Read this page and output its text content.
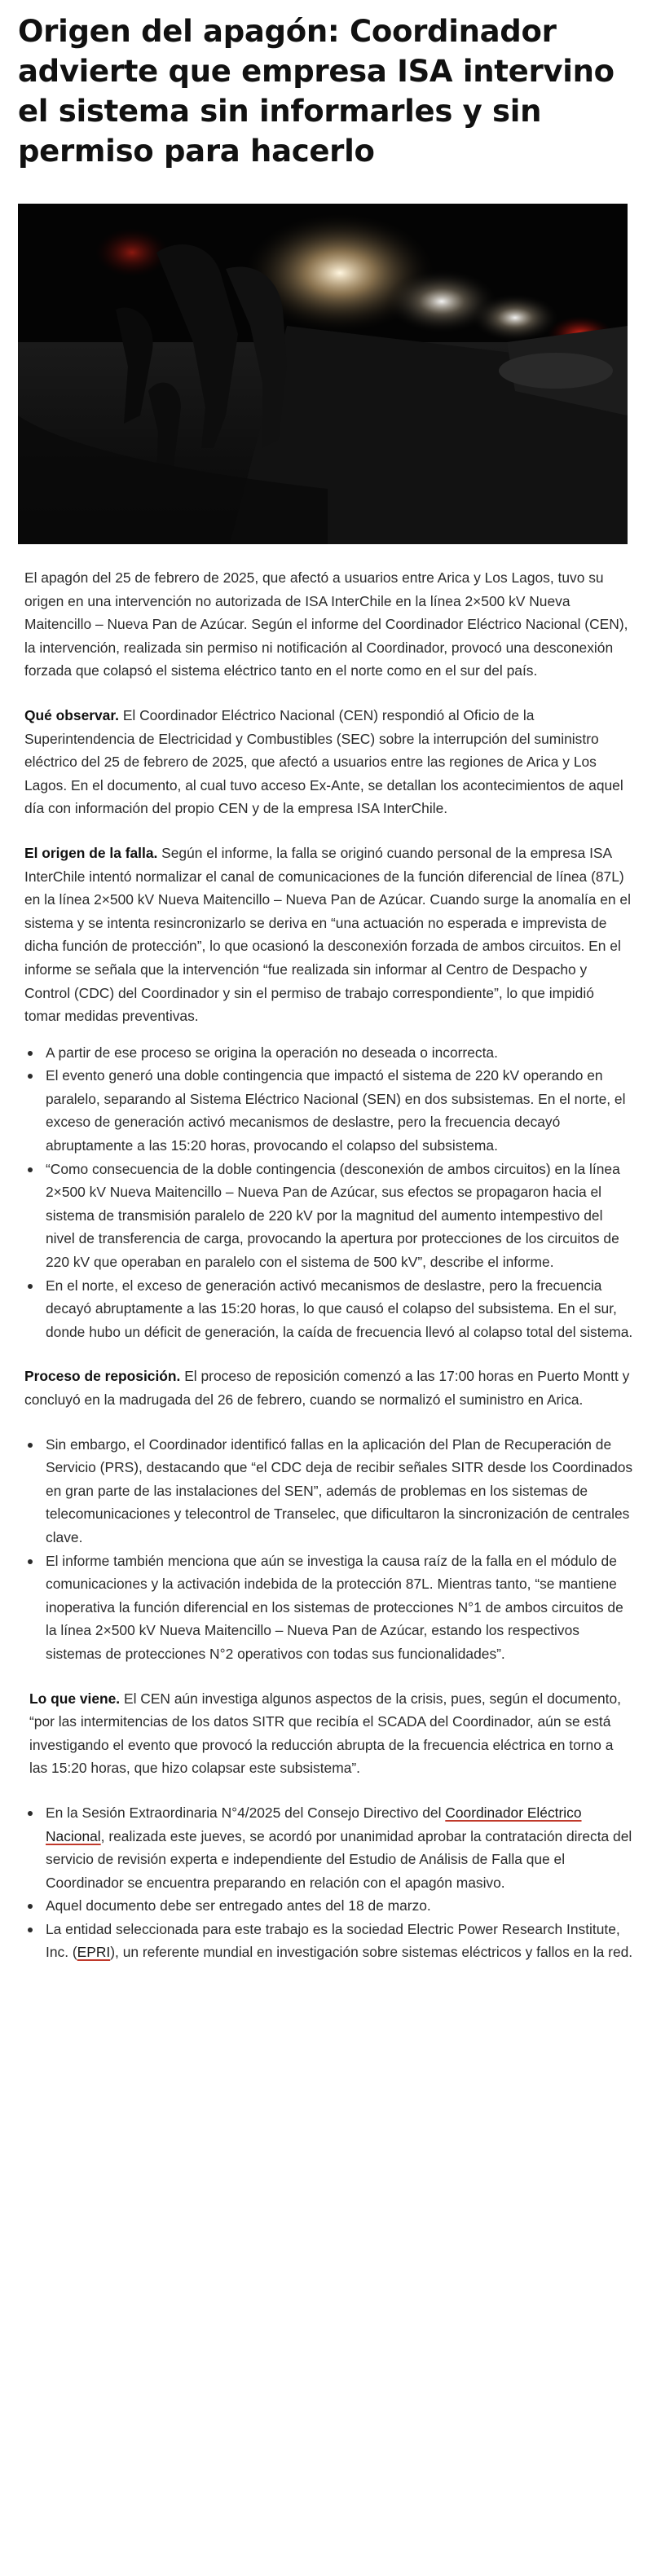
Origen del apagón: Coordinador advierte que empresa ISA intervino el sistema sin informarles y sin permiso para hacerlo

El apagón del 25 de febrero de 2025, que afectó a usuarios entre Arica y Los Lagos, tuvo su origen en una intervención no autorizada de ISA InterChile en la línea 2×500 kV Nueva Maitencillo – Nueva Pan de Azúcar. Según el informe del Coordinador Eléctrico Nacional (CEN), la intervención, realizada sin permiso ni notificación al Coordinador, provocó una desconexión forzada que colapsó el sistema eléctrico tanto en el norte como en el sur del país.

Qué observar. El Coordinador Eléctrico Nacional (CEN) respondió al Oficio de la Superintendencia de Electricidad y Combustibles (SEC) sobre la interrupción del suministro eléctrico del 25 de febrero de 2025, que afectó a usuarios entre las regiones de Arica y Los Lagos. En el documento, al cual tuvo acceso Ex-Ante, se detallan los acontecimientos de aquel día con información del propio CEN y de la empresa ISA InterChile.

El origen de la falla. Según el informe, la falla se originó cuando personal de la empresa ISA InterChile intentó normalizar el canal de comunicaciones de la función diferencial de línea (87L) en la línea 2×500 kV Nueva Maitencillo – Nueva Pan de Azúcar. Cuando surge la anomalía en el sistema y se intenta resincronizarlo se deriva en “una actuación no esperada e imprevista de dicha función de protección”, lo que ocasionó la desconexión forzada de ambos circuitos. En el informe se señala que la intervención “fue realizada sin informar al Centro de Despacho y Control (CDC) del Coordinador y sin el permiso de trabajo correspondiente”, lo que impidió tomar medidas preventivas.

A partir de ese proceso se origina la operación no deseada o incorrecta.
El evento generó una doble contingencia que impactó el sistema de 220 kV operando en paralelo, separando al Sistema Eléctrico Nacional (SEN) en dos subsistemas. En el norte, el exceso de generación activó mecanismos de deslastre, pero la frecuencia decayó abruptamente a las 15:20 horas, provocando el colapso del subsistema.
“Como consecuencia de la doble contingencia (desconexión de ambos circuitos) en la línea 2×500 kV Nueva Maitencillo – Nueva Pan de Azúcar, sus efectos se propagaron hacia el sistema de transmisión paralelo de 220 kV por la magnitud del aumento intempestivo del nivel de transferencia de carga, provocando la apertura por protecciones de los circuitos de 220 kV que operaban en paralelo con el sistema de 500 kV”, describe el informe.
En el norte, el exceso de generación activó mecanismos de deslastre, pero la frecuencia decayó abruptamente a las 15:20 horas, lo que causó el colapso del subsistema. En el sur, donde hubo un déficit de generación, la caída de frecuencia llevó al colapso total del sistema.

Proceso de reposición. El proceso de reposición comenzó a las 17:00 horas en Puerto Montt y concluyó en la madrugada del 26 de febrero, cuando se normalizó el suministro en Arica.

Sin embargo, el Coordinador identificó fallas en la aplicación del Plan de Recuperación de Servicio (PRS), destacando que “el CDC deja de recibir señales SITR desde los Coordinados en gran parte de las instalaciones del SEN”, además de problemas en los sistemas de telecomunicaciones y telecontrol de Transelec, que dificultaron la sincronización de centrales clave.
El informe también menciona que aún se investiga la causa raíz de la falla en el módulo de comunicaciones y la activación indebida de la protección 87L. Mientras tanto, “se mantiene inoperativa la función diferencial en los sistemas de protecciones N°1 de ambos circuitos de la línea 2×500 kV Nueva Maitencillo – Nueva Pan de Azúcar, estando los respectivos sistemas de protecciones N°2 operativos con todas sus funcionalidades”.

Lo que viene. El CEN aún investiga algunos aspectos de la crisis, pues, según el documento, “por las intermitencias de los datos SITR que recibía el SCADA del Coordinador, aún se está investigando el evento que provocó la reducción abrupta de la frecuencia eléctrica en torno a las 15:20 horas, que hizo colapsar este subsistema”.

En la Sesión Extraordinaria N°4/2025 del Consejo Directivo del Coordinador Eléctrico Nacional, realizada este jueves, se acordó por unanimidad aprobar la contratación directa del servicio de revisión experta e independiente del Estudio de Análisis de Falla que el Coordinador se encuentra preparando en relación con el apagón masivo.
Aquel documento debe ser entregado antes del 18 de marzo.
La entidad seleccionada para este trabajo es la sociedad Electric Power Research Institute, Inc. (EPRI), un referente mundial en investigación sobre sistemas eléctricos y fallos en la red.
